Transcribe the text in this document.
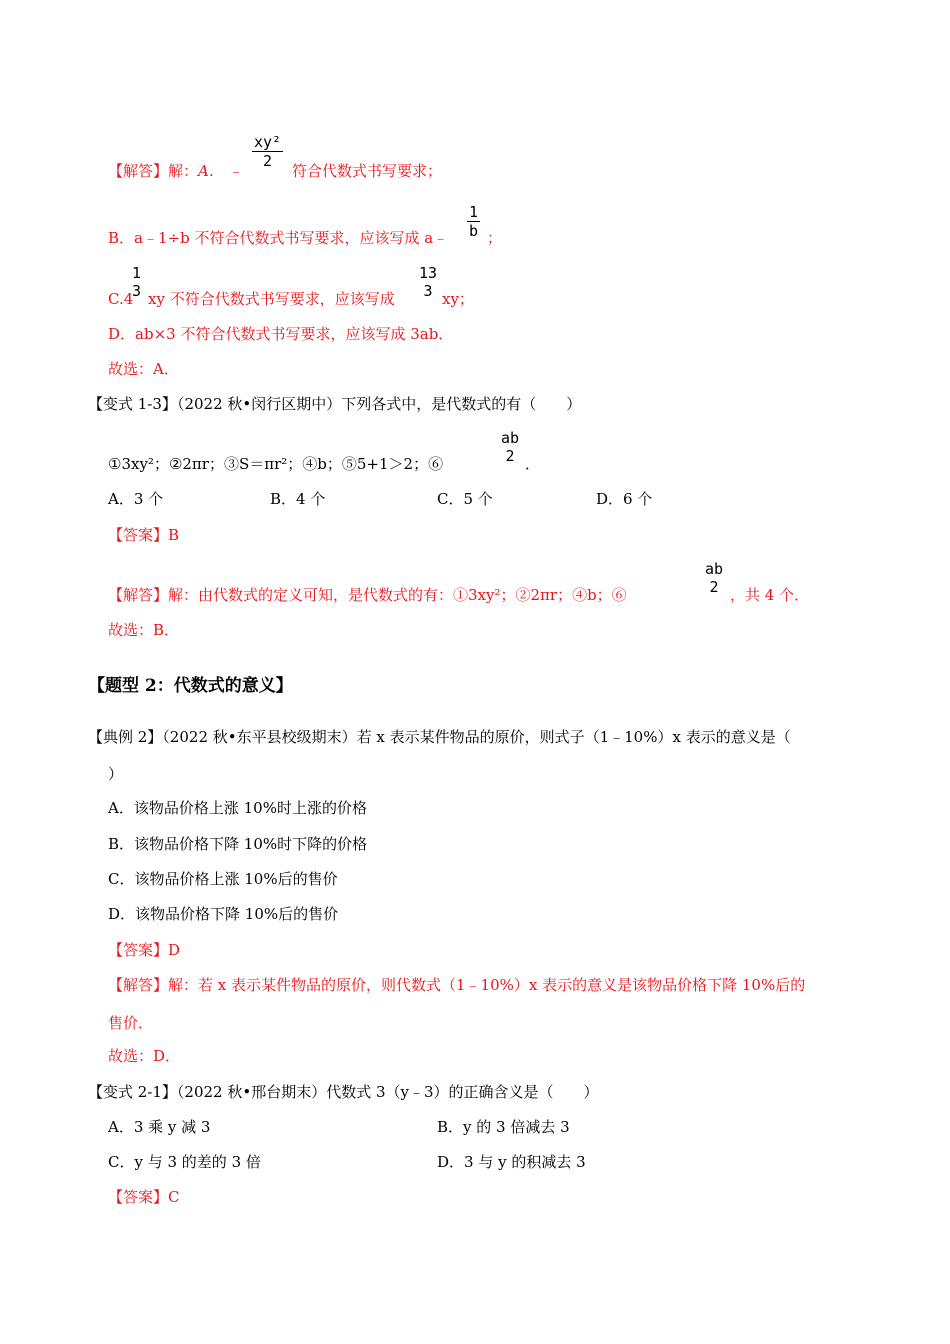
【解答】解：A． ﹣
$\frac{\text{xy²}}{2}$
符合代数式书写要求；
B．a﹣1÷b 不符合代数式书写要求，应该写成 a﹣ $\frac{1}{b}$ ；
C.4
1
3 xy 不符合代数式书写要求，应该写成
13
3 xy；
D．ab×3 不符合代数式书写要求，应该写成 3ab．
故选：A．
【变式 1-3】（2022 秋•闵行区期中）下列各式中，是代数式的有（　　）
①3xy²；②2πr；③S＝πr²；④b；⑤5+1＞2；⑥
ab
2 ．
A．3 个	B．4 个	C．5 个	D．6 个
【答案】B
【解答】解：由代数式的定义可知，是代数式的有：①3xy²；②2πr；④b；⑥
ab
2 ，共 4 个．
故选：B．
【题型 2：代数式的意义】
【典例 2】（2022 秋•东平县校级期末）若 x 表示某件物品的原价，则式子（1﹣10%）x 表示的意义是（
）
A．该物品价格上涨 10%时上涨的价格
B．该物品价格下降 10%时下降的价格
C．该物品价格上涨 10%后的售价
D．该物品价格下降 10%后的售价
【答案】D
【解答】解：若 x 表示某件物品的原价，则代数式（1﹣10%）x 表示的意义是该物品价格下降 10%后的
售价．
故选：D．
【变式 2-1】（2022 秋•邢台期末）代数式 3（y﹣3）的正确含义是（　　）
A．3 乘 y 减 3	B．y 的 3 倍减去 3
C．y 与 3 的差的 3 倍	D．3 与 y 的积减去 3
【答案】C
